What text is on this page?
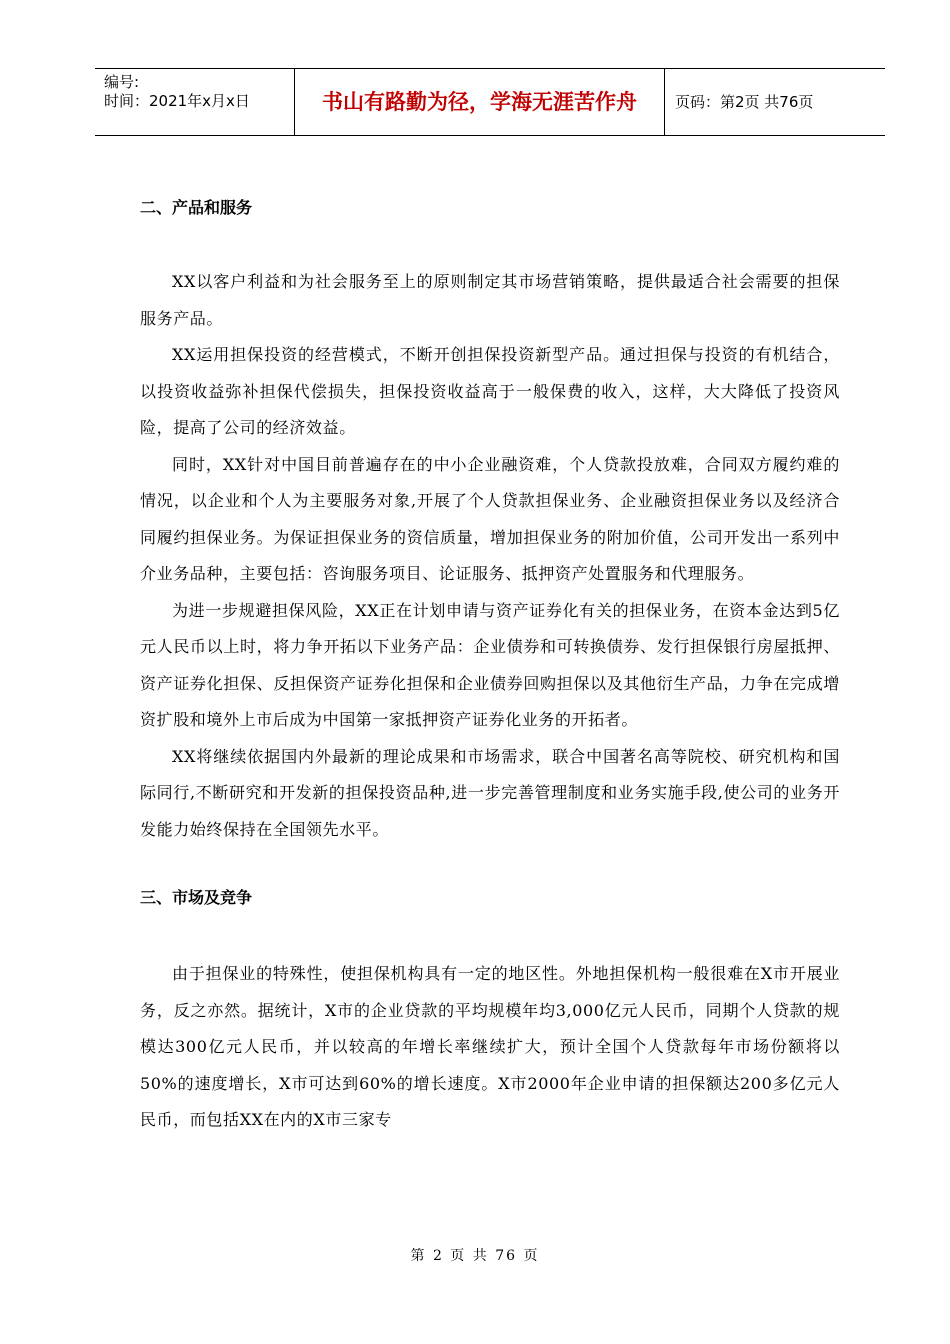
编号:
时间：2021年x月x日	书山有路勤为径，学海无涯苦作舟	页码：第2页 共76页
二、产品和服务

XX以客户利益和为社会服务至上的原则制定其市场营销策略，提供最适合社会需要的担保服务产品。

XX运用担保投资的经营模式，不断开创担保投资新型产品。通过担保与投资的有机结合，以投资收益弥补担保代偿损失，担保投资收益高于一般保费的收入，这样，大大降低了投资风险，提高了公司的经济效益。

同时，XX针对中国目前普遍存在的中小企业融资难，个人贷款投放难，合同双方履约难的情况，以企业和个人为主要服务对象,开展了个人贷款担保业务、企业融资担保业务以及经济合同履约担保业务。为保证担保业务的资信质量，增加担保业务的附加价值，公司开发出一系列中介业务品种，主要包括：咨询服务项目、论证服务、抵押资产处置服务和代理服务。

为进一步规避担保风险，XX正在计划申请与资产证券化有关的担保业务，在资本金达到5亿元人民币以上时，将力争开拓以下业务产品：企业债券和可转换债券、发行担保银行房屋抵押、资产证券化担保、反担保资产证券化担保和企业债券回购担保以及其他衍生产品，力争在完成增资扩股和境外上市后成为中国第一家抵押资产证券化业务的开拓者。

XX将继续依据国内外最新的理论成果和市场需求，联合中国著名高等院校、研究机构和国际同行,不断研究和开发新的担保投资品种,进一步完善管理制度和业务实施手段,使公司的业务开发能力始终保持在全国领先水平。

三、市场及竞争

由于担保业的特殊性，使担保机构具有一定的地区性。外地担保机构一般很难在X市开展业务，反之亦然。据统计，X市的企业贷款的平均规模年均3,000亿元人民币，同期个人贷款的规模达300亿元人民币，并以较高的年增长率继续扩大，预计全国个人贷款每年市场份额将以50%的速度增长，X市可达到60%的增长速度。X市2000年企业申请的担保额达200多亿元人民币，而包括XX在内的X市三家专

第 2 页 共 76 页
